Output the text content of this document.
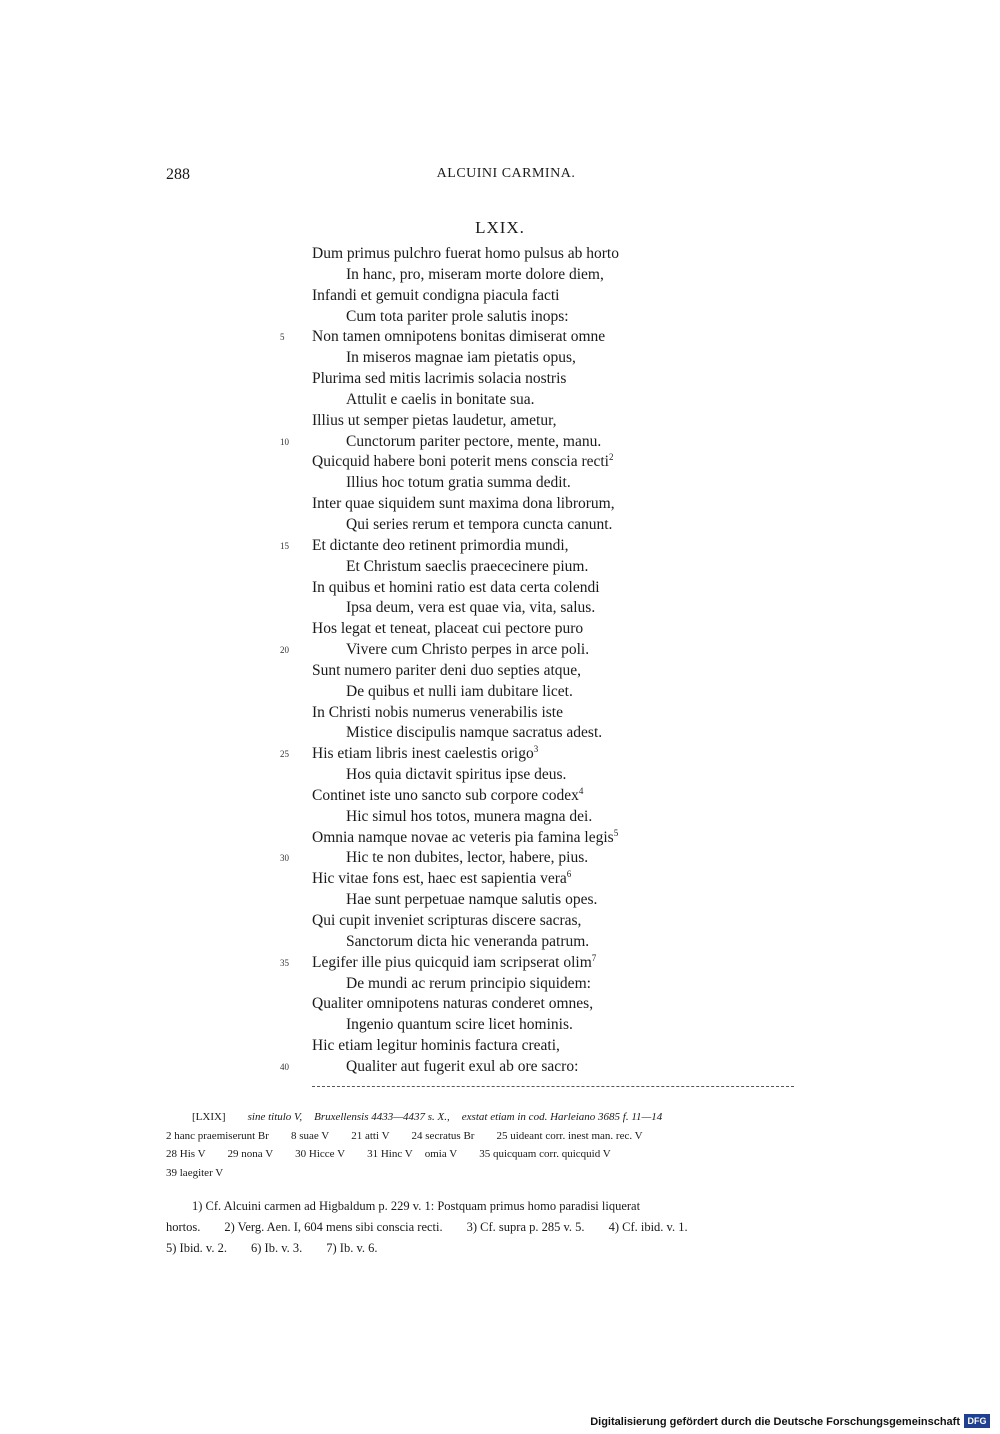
288	ALCUINI CARMINA.
LXIX.
Dum primus pulchro fuerat homo pulsus ab horto
In hanc, pro, miseram morte dolore diem,
Infandi et gemuit condigna piacula facti
Cum tota pariter prole salutis inops:
5 Non tamen omnipotens bonitas dimiserat omne
In miseros magnae iam pietatis opus,
Plurima sed mitis lacrimis solacia nostris
Attulit e caelis in bonitate sua.
Illius ut semper pietas laudetur, ametur,
10	Cunctorum pariter pectore, mente, manu.
Quicquid habere boni poterit mens conscia recti$^2$
Illius hoc totum gratia summa dedit.
Inter quae siquidem sunt maxima dona librorum,
Qui series rerum et tempora cuncta canunt.
15 Et dictante deo retinent primordia mundi,
Et Christum saeclis praececinere pium.
In quibus et homini ratio est data certa colendi
Ipsa deum, vera est quae via, vita, salus.
Hos legat et teneat, placeat cui pectore puro
20	Vivere cum Christo perpes in arce poli.
Sunt numero pariter deni duo septies atque,
De quibus et nulli iam dubitare licet.
In Christi nobis numerus venerabilis iste
Mistice discipulis namque sacratus adest.
25 His etiam libris inest caelestis origo$^3$
Hos quia dictavit spiritus ipse deus.
Continet iste uno sancto sub corpore codex$^4$
Hic simul hos totos, munera magna dei.
Omnia namque novae ac veteris pia famina legis$^5$
30	Hic te non dubites, lector, habere, pius.
Hic vitae fons est, haec est sapientia vera$^6$
Hae sunt perpetuae namque salutis opes.
Qui cupit inveniet scripturas discere sacras,
Sanctorum dicta hic veneranda patrum.
35 Legifer ille pius quicquid iam scripserat olim$^7$
De mundi ac rerum principio siquidem:
Qualiter omnipotens naturas conderet omnes,
Ingenio quantum scire licet hominis.
Hic etiam legitur hominis factura creati,
40	Qualiter aut fugerit exul ab ore sacro:
[LXIX] sine titulo V, Bruxellensis 4433—4437 s. X., exstat etiam in cod. Harleiano 3685 f. 11—14
2 hanc praemiserunt Br 8 suae V 21 atti V 24 secratus Br 25 uideant corr. inest man. rec. V
28 His V 29 nona V 30 Hicce V 31 Hinc V omia V 35 quicquam corr. quicquid V
39 laegiter V
1) Cf. Alcuini carmen ad Higbaldum p. 229 v. 1: Postquam primus homo paradisi liquerat
hortos. 2) Verg. Aen. I, 604 mens sibi conscia recti. 3) Cf. supra p. 285 v. 5. 4) Cf. ibid. v. 1.
5) Ibid. v. 2. 6) Ib. v. 3. 7) Ib. v. 6.
Digitalisierung gefördert durch die Deutsche Forschungsgemeinschaft DFG
